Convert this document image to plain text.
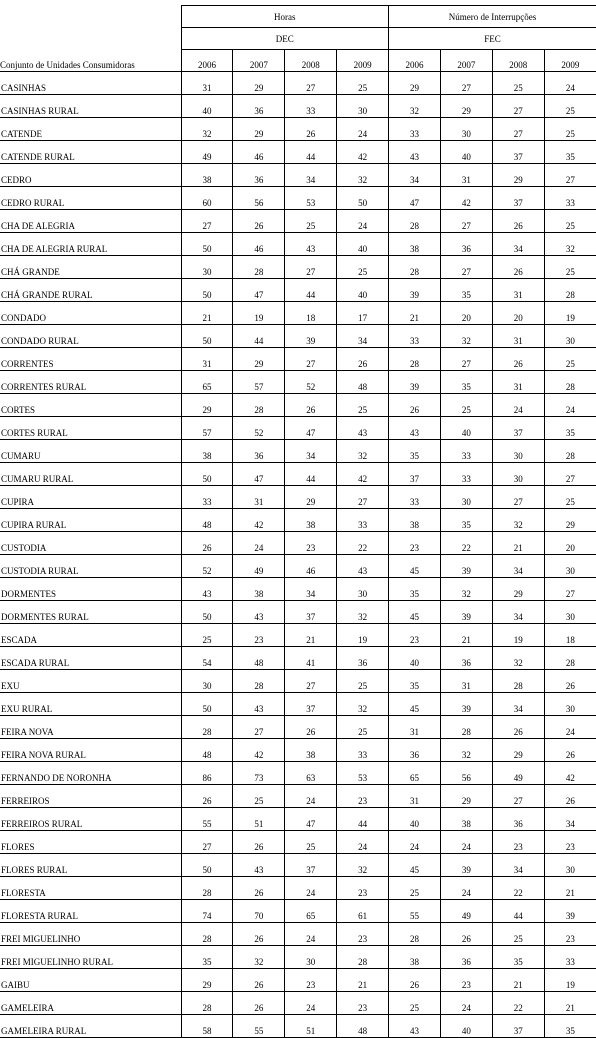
	Horas				Número de Interrupções			
	DEC				FEC			
Conjunto de Unidades Consumidoras	2006	2007	2008	2009	2006	2007	2008	2009
CASINHAS	31	29	27	25	29	27	25	24
CASINHAS RURAL	40	36	33	30	32	29	27	25
CATENDE	32	29	26	24	33	30	27	25
CATENDE RURAL	49	46	44	42	43	40	37	35
CEDRO	38	36	34	32	34	31	29	27
CEDRO RURAL	60	56	53	50	47	42	37	33
CHA DE ALEGRIA	27	26	25	24	28	27	26	25
CHA DE ALEGRIA RURAL	50	46	43	40	38	36	34	32
CHÁ GRANDE	30	28	27	25	28	27	26	25
CHÁ GRANDE RURAL	50	47	44	40	39	35	31	28
CONDADO	21	19	18	17	21	20	20	19
CONDADO RURAL	50	44	39	34	33	32	31	30
CORRENTES	31	29	27	26	28	27	26	25
CORRENTES RURAL	65	57	52	48	39	35	31	28
CORTES	29	28	26	25	26	25	24	24
CORTES RURAL	57	52	47	43	43	40	37	35
CUMARU	38	36	34	32	35	33	30	28
CUMARU RURAL	50	47	44	42	37	33	30	27
CUPIRA	33	31	29	27	33	30	27	25
CUPIRA RURAL	48	42	38	33	38	35	32	29
CUSTODIA	26	24	23	22	23	22	21	20
CUSTODIA RURAL	52	49	46	43	45	39	34	30
DORMENTES	43	38	34	30	35	32	29	27
DORMENTES RURAL	50	43	37	32	45	39	34	30
ESCADA	25	23	21	19	23	21	19	18
ESCADA RURAL	54	48	41	36	40	36	32	28
EXU	30	28	27	25	35	31	28	26
EXU RURAL	50	43	37	32	45	39	34	30
FEIRA NOVA	28	27	26	25	31	28	26	24
FEIRA NOVA RURAL	48	42	38	33	36	32	29	26
FERNANDO DE NORONHA	86	73	63	53	65	56	49	42
FERREIROS	26	25	24	23	31	29	27	26
FERREIROS RURAL	55	51	47	44	40	38	36	34
FLORES	27	26	25	24	24	24	23	23
FLORES RURAL	50	43	37	32	45	39	34	30
FLORESTA	28	26	24	23	25	24	22	21
FLORESTA RURAL	74	70	65	61	55	49	44	39
FREI MIGUELINHO	28	26	24	23	28	26	25	23
FREI MIGUELINHO RURAL	35	32	30	28	38	36	35	33
GAIBU	29	26	23	21	26	23	21	19
GAMELEIRA	28	26	24	23	25	24	22	21
GAMELEIRA RURAL	58	55	51	48	43	40	37	35
